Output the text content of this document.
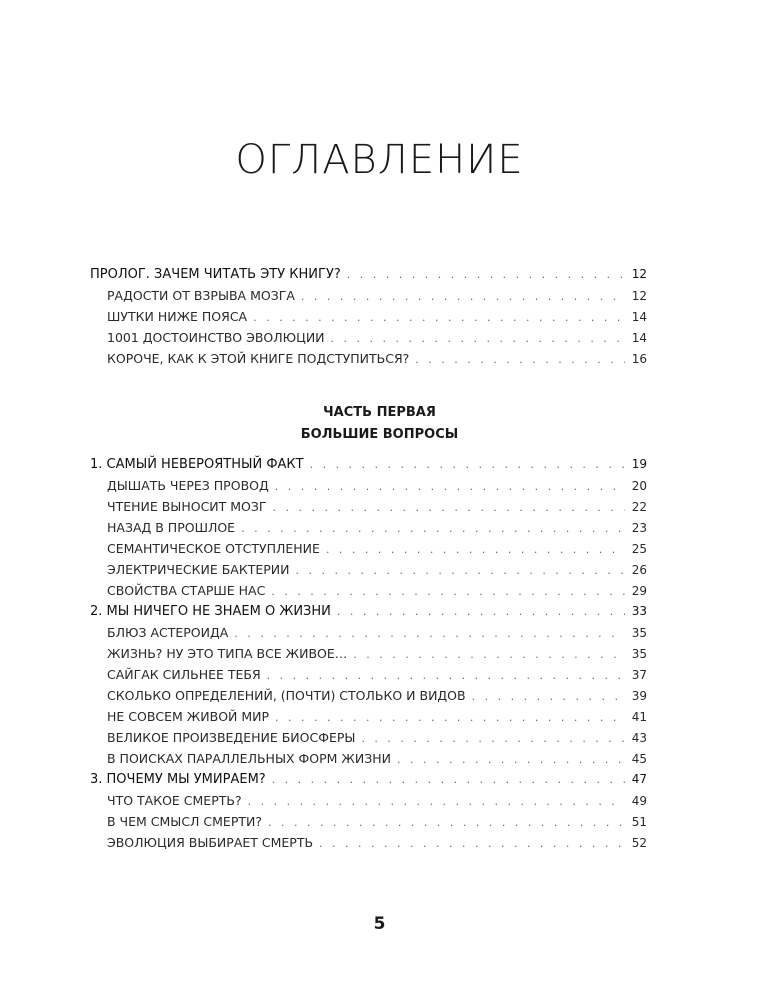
ОГЛАВЛЕНИЕ
ПРОЛОГ. ЗАЧЕМ ЧИТАТЬ ЭТУ КНИГУ? . . .	12
РАДОСТИ ОТ ВЗРЫВА МОЗГА . . .	12
ШУТКИ НИЖЕ ПОЯСА . . .	14
1001 ДОСТОИНСТВО ЭВОЛЮЦИИ . . .	14
КОРОЧЕ, КАК К ЭТОЙ КНИГЕ ПОДСТУПИТЬСЯ? . . .	16
ЧАСТЬ ПЕРВАЯ
БОЛЬШИЕ ВОПРОСЫ
1. САМЫЙ НЕВЕРОЯТНЫЙ ФАКТ . . .	19
ДЫШАТЬ ЧЕРЕЗ ПРОВОД . . .	20
ЧТЕНИЕ ВЫНОСИТ МОЗГ . . .	22
НАЗАД В ПРОШЛОЕ . . .	23
СЕМАНТИЧЕСКОЕ ОТСТУПЛЕНИЕ . . .	25
ЭЛЕКТРИЧЕСКИЕ БАКТЕРИИ . . .	26
СВОЙСТВА СТАРШЕ НАС . . .	29
2. МЫ НИЧЕГО НЕ ЗНАЕМ О ЖИЗНИ . . .	33
БЛЮЗ АСТЕРОИДА . . .	35
ЖИЗНЬ? НУ ЭТО ТИПА ВСЕ ЖИВОЕ… . . .	35
САЙГАК СИЛЬНЕЕ ТЕБЯ . . .	37
СКОЛЬКО ОПРЕДЕЛЕНИЙ, (ПОЧТИ) СТОЛЬКО И ВИДОВ . . .	39
НЕ СОВСЕМ ЖИВОЙ МИР . . .	41
ВЕЛИКОЕ ПРОИЗВЕДЕНИЕ БИОСФЕРЫ . . .	43
В ПОИСКАХ ПАРАЛЛЕЛЬНЫХ ФОРМ ЖИЗНИ . . .	45
3. ПОЧЕМУ МЫ УМИРАЕМ? . . .	47
ЧТО ТАКОЕ СМЕРТЬ? . . .	49
В ЧЕМ СМЫСЛ СМЕРТИ? . . .	51
ЭВОЛЮЦИЯ ВЫБИРАЕТ СМЕРТЬ . . .	52
5
